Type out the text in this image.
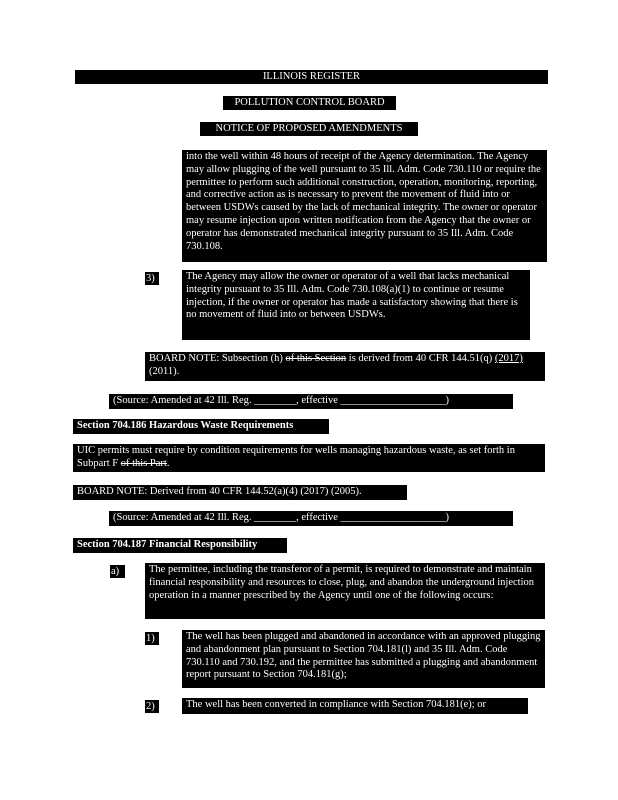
ILLINOIS REGISTER
POLLUTION CONTROL BOARD
NOTICE OF PROPOSED AMENDMENTS
into the well within 48 hours of receipt of the Agency determination. The Agency may allow plugging of the well pursuant to 35 Ill. Adm. Code 730.110 or require the permittee to perform such additional construction, operation, monitoring, reporting, and corrective action as is necessary to prevent the movement of fluid into or between USDWs caused by the lack of mechanical integrity. The owner or operator may resume injection upon written notification from the Agency that the owner or operator has demonstrated mechanical integrity pursuant to 35 Ill. Adm. Code 730.108.
3)	The Agency may allow the owner or operator of a well that lacks mechanical integrity pursuant to 35 Ill. Adm. Code 730.108(a)(1) to continue or resume injection, if the owner or operator has made a satisfactory showing that there is no movement of fluid into or between USDWs.
BOARD NOTE: Subsection (h) of this Section is derived from 40 CFR 144.51(q) (2017) (2011).
(Source: Amended at 42 Ill. Reg. ________, effective ____________________)
Section 704.186 Hazardous Waste Requirements
UIC permits must require by condition requirements for wells managing hazardous waste, as set forth in Subpart F of this Part.
BOARD NOTE: Derived from 40 CFR 144.52(a)(4) (2017) (2005).
(Source: Amended at 42 Ill. Reg. ________, effective ____________________)
Section 704.187 Financial Responsibility
a)	The permittee, including the transferor of a permit, is required to demonstrate and maintain financial responsibility and resources to close, plug, and abandon the underground injection operation in a manner prescribed by the Agency until one of the following occurs:
1)	The well has been plugged and abandoned in accordance with an approved plugging and abandonment plan pursuant to Section 704.181(l) and 35 Ill. Adm. Code 730.110 and 730.192, and the permittee has submitted a plugging and abandonment report pursuant to Section 704.181(g);
2)	The well has been converted in compliance with Section 704.181(e); or
